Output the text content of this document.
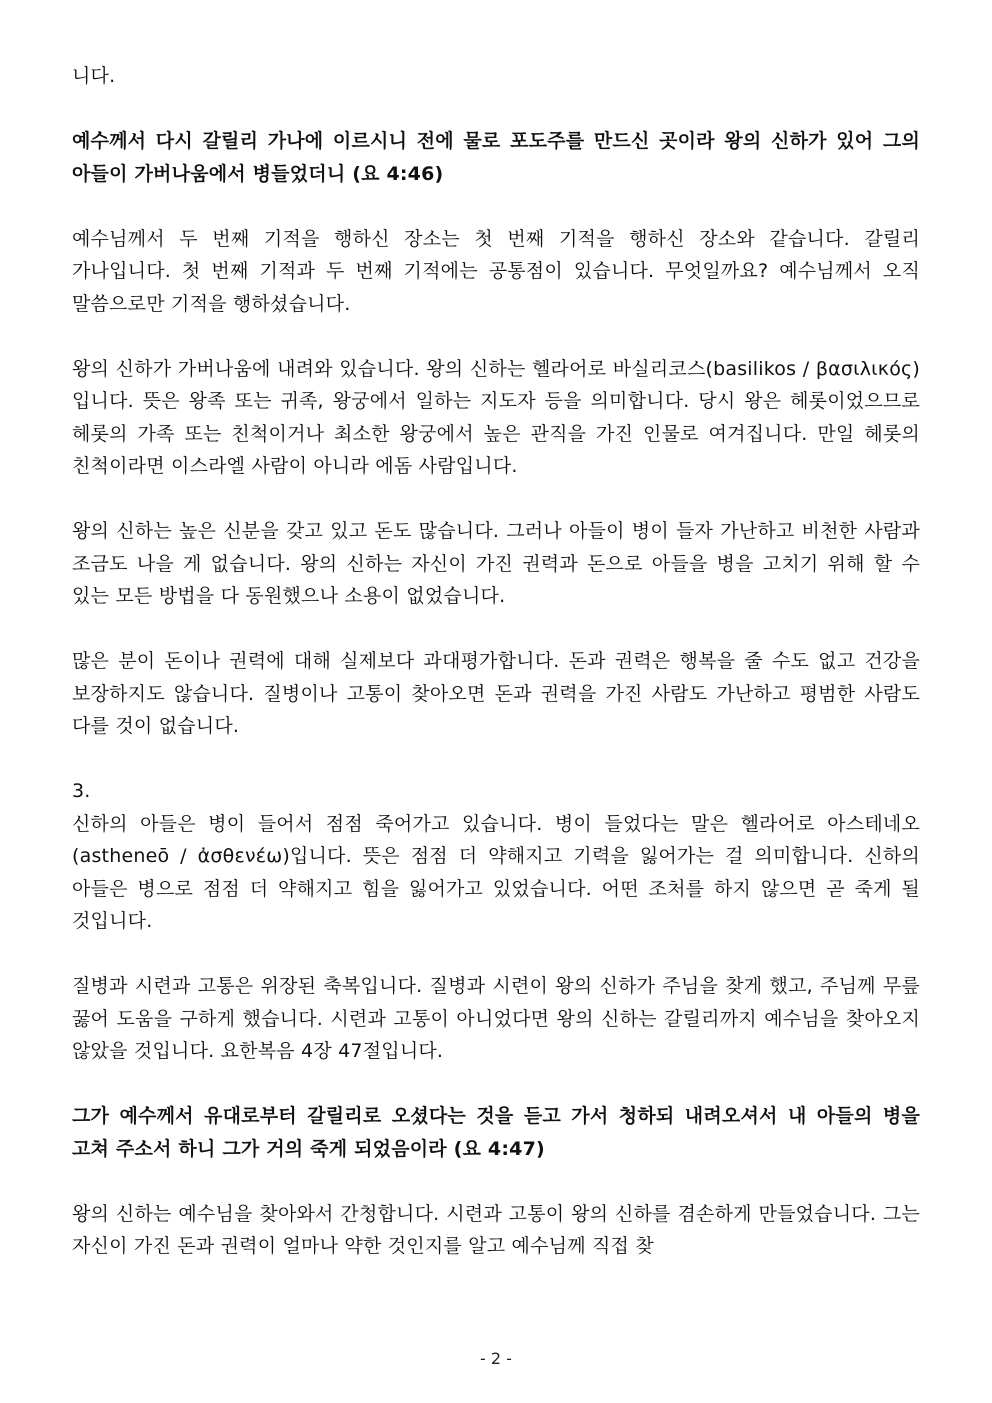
니다.

예수께서 다시 갈릴리 가나에 이르시니 전에 물로 포도주를 만드신 곳이라 왕의 신하가 있어 그의 아들이 가버나움에서 병들었더니 (요 4:46)

예수님께서 두 번째 기적을 행하신 장소는 첫 번째 기적을 행하신 장소와 같습니다. 갈릴리 가나입니다. 첫 번째 기적과 두 번째 기적에는 공통점이 있습니다. 무엇일까요? 예수님께서 오직 말씀으로만 기적을 행하셨습니다.

왕의 신하가 가버나움에 내려와 있습니다. 왕의 신하는 헬라어로 바실리코스(basilikos / βασιλικός)입니다. 뜻은 왕족 또는 귀족, 왕궁에서 일하는 지도자 등을 의미합니다. 당시 왕은 헤롯이었으므로 헤롯의 가족 또는 친척이거나 최소한 왕궁에서 높은 관직을 가진 인물로 여겨집니다. 만일 헤롯의 친척이라면 이스라엘 사람이 아니라 에돔 사람입니다.

왕의 신하는 높은 신분을 갖고 있고 돈도 많습니다. 그러나 아들이 병이 들자 가난하고 비천한 사람과 조금도 나을 게 없습니다. 왕의 신하는 자신이 가진 권력과 돈으로 아들을 병을 고치기 위해 할 수 있는 모든 방법을 다 동원했으나 소용이 없었습니다.

많은 분이 돈이나 권력에 대해 실제보다 과대평가합니다. 돈과 권력은 행복을 줄 수도 없고 건강을 보장하지도 않습니다. 질병이나 고통이 찾아오면 돈과 권력을 가진 사람도 가난하고 평범한 사람도 다를 것이 없습니다.

3.

신하의 아들은 병이 들어서 점점 죽어가고 있습니다. 병이 들었다는 말은 헬라어로 아스테네오(astheneō / ἀσθενέω)입니다. 뜻은 점점 더 약해지고 기력을 잃어가는 걸 의미합니다. 신하의 아들은 병으로 점점 더 약해지고 힘을 잃어가고 있었습니다. 어떤 조처를 하지 않으면 곧 죽게 될 것입니다.

질병과 시련과 고통은 위장된 축복입니다. 질병과 시련이 왕의 신하가 주님을 찾게 했고, 주님께 무릎 꿇어 도움을 구하게 했습니다. 시련과 고통이 아니었다면 왕의 신하는 갈릴리까지 예수님을 찾아오지 않았을 것입니다. 요한복음 4장 47절입니다.

그가 예수께서 유대로부터 갈릴리로 오셨다는 것을 듣고 가서 청하되 내려오셔서 내 아들의 병을 고쳐 주소서 하니 그가 거의 죽게 되었음이라 (요 4:47)

왕의 신하는 예수님을 찾아와서 간청합니다. 시련과 고통이 왕의 신하를 겸손하게 만들었습니다. 그는 자신이 가진 돈과 권력이 얼마나 약한 것인지를 알고 예수님께 직접 찾

- 2 -
